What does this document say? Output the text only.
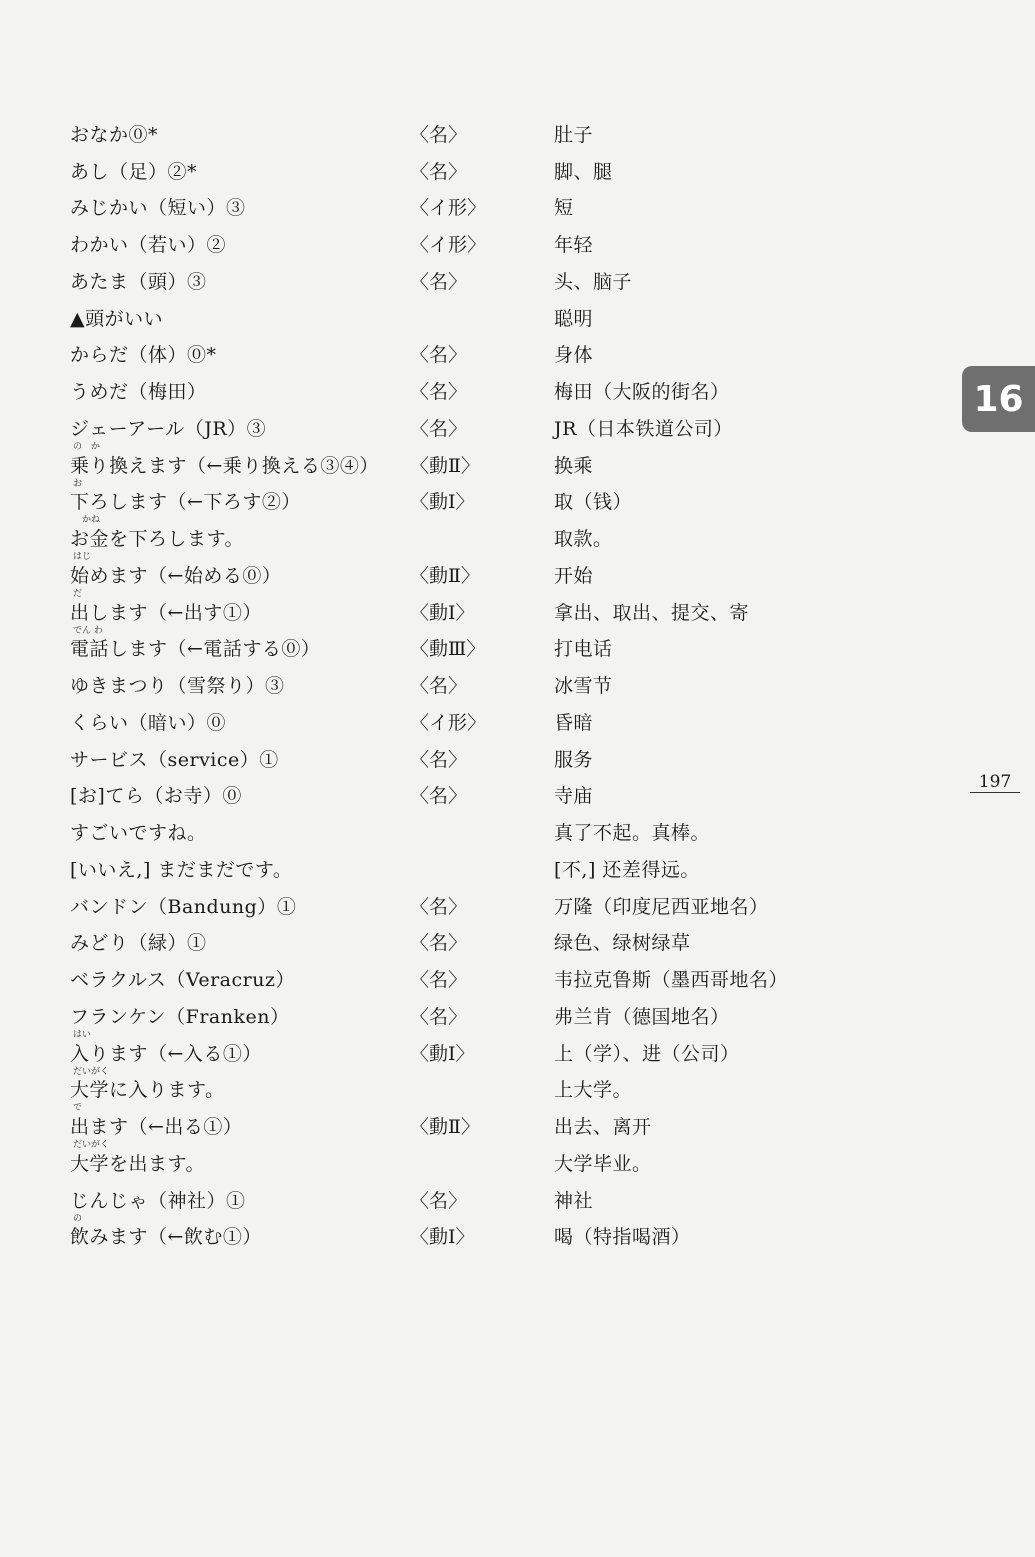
おなか⓪*	〈名〉	肚子
あし（足）②*	〈名〉	脚、腿
みじかい（短い）③	〈イ形〉	短
わかい（若い）②	〈イ形〉	年轻
あたま（頭）③	〈名〉	头、脑子
▲頭がいい	聪明
からだ（体）⓪*	〈名〉	身体
うめだ（梅田）	〈名〉	梅田（大阪的街名）
ジェーアール（JR）③	〈名〉	JR（日本铁道公司）
の　か
乗り換えます（←乗り換える③④） 〈動Ⅱ〉	换乘
お
下ろします（←下ろす②）	〈動Ⅰ〉	取（钱）
　かね
お金を下ろします。	取款。
はじ
始めます（←始める⓪）	〈動Ⅱ〉	开始
だ
出します（←出す①）	〈動Ⅰ〉	拿出、取出、提交、寄
でん わ
電話します（←電話する⓪）	〈動Ⅲ〉	打电话
ゆきまつり（雪祭り）③	〈名〉	冰雪节
くらい（暗い）⓪	〈イ形〉	昏暗
サービス（service）①	〈名〉	服务
[お]てら（お寺）⓪	〈名〉	寺庙
すごいですね。	真了不起。真棒。
[いいえ,] まだまだです。	[不,] 还差得远。
バンドン（Bandung）①	〈名〉	万隆（印度尼西亚地名）
みどり（緑）①	〈名〉	绿色、绿树绿草
ベラクルス（Veracruz）	〈名〉	韦拉克鲁斯（墨西哥地名）
フランケン（Franken）	〈名〉	弗兰肯（德国地名）
はい
入ります（←入る①）	〈動Ⅰ〉	上（学）、进（公司）
だいがく
大学に入ります。	上大学。
で
出ます（←出る①）	〈動Ⅱ〉	出去、离开
だいがく
大学を出ます。	大学毕业。
じんじゃ（神社）①	〈名〉	神社
の
飲みます（←飲む①）	〈動Ⅰ〉	喝（特指喝酒）
16
197
